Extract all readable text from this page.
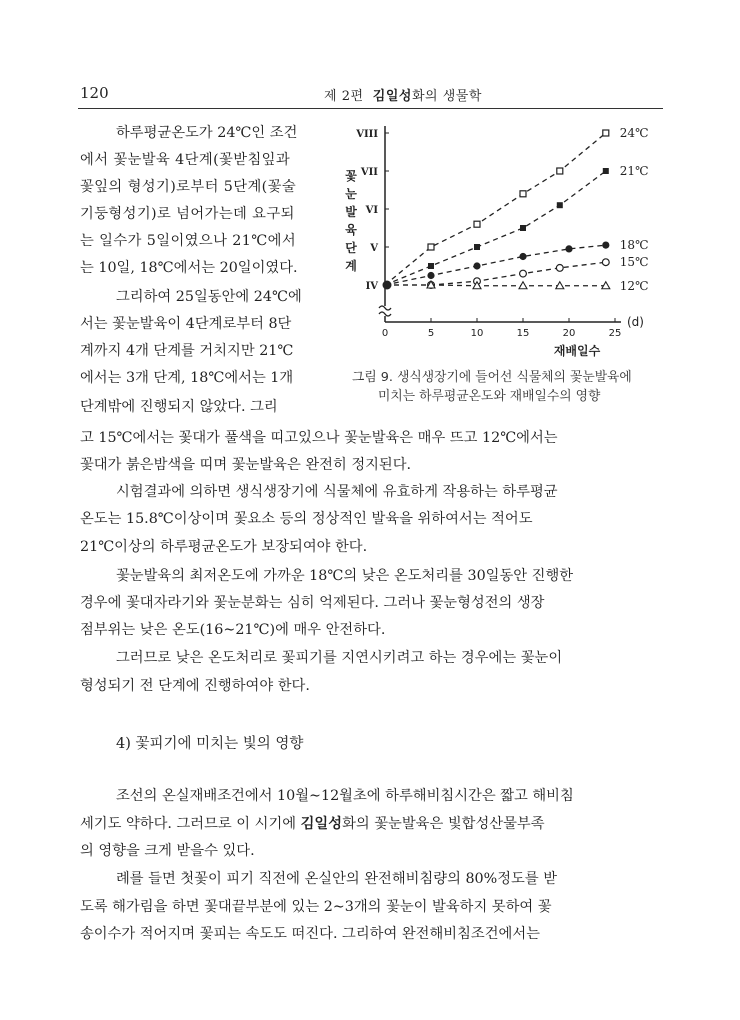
120	제 2편 김일성화의 생물학
하루평균온도가 24℃인 조건
에서 꽃눈발육 4단계(꽃받침잎과
꽃잎의 형성기)로부터 5단계(꽃술
기둥형성기)로 넘어가는데 요구되
는 일수가 5일이였으나 21℃에서
는 10일, 18℃에서는 20일이였다.
그리하여 25일동안에 24℃에
서는 꽃눈발육이 4단계로부터 8단
계까지 4개 단계를 거치지만 21℃
에서는 3개 단계, 18℃에서는 1개
단계밖에 진행되지 않았다. 그리
0	5	10	15	20	25
(d)
재배일수
IV
V
VI
VII
VIII
꽃
눈
발
육
단
계
24℃
21℃
18℃
15℃
12℃
그림 9. 생식생장기에 들어선 식물체의 꽃눈발육에
미치는 하루평균온도와 재배일수의 영향
고 15℃에서는 꽃대가 풀색을 띠고있으나 꽃눈발육은 매우 뜨고 12℃에서는
꽃대가 붉은밤색을 띠며 꽃눈발육은 완전히 정지된다.
시험결과에 의하면 생식생장기에 식물체에 유효하게 작용하는 하루평균
온도는 15.8℃이상이며 꽃요소 등의 정상적인 발육을 위하여서는 적어도
21℃이상의 하루평균온도가 보장되여야 한다.
꽃눈발육의 최저온도에 가까운 18℃의 낮은 온도처리를 30일동안 진행한
경우에 꽃대자라기와 꽃눈분화는 심히 억제된다. 그러나 꽃눈형성전의 생장
점부위는 낮은 온도(16∼21℃)에 매우 안전하다.
그러므로 낮은 온도처리로 꽃피기를 지연시키려고 하는 경우에는 꽃눈이
형성되기 전 단계에 진행하여야 한다.
4) 꽃피기에 미치는 빛의 영향
조선의 온실재배조건에서 10월∼12월초에 하루해비침시간은 짧고 해비침
세기도 약하다. 그러므로 이 시기에 김일성화의 꽃눈발육은 빛합성산물부족
의 영향을 크게 받을수 있다.
례를 들면 첫꽃이 피기 직전에 온실안의 완전해비침량의 80%정도를 받
도록 해가림을 하면 꽃대끝부분에 있는 2∼3개의 꽃눈이 발육하지 못하여 꽃
송이수가 적어지며 꽃피는 속도도 떠진다. 그리하여 완전해비침조건에서는
